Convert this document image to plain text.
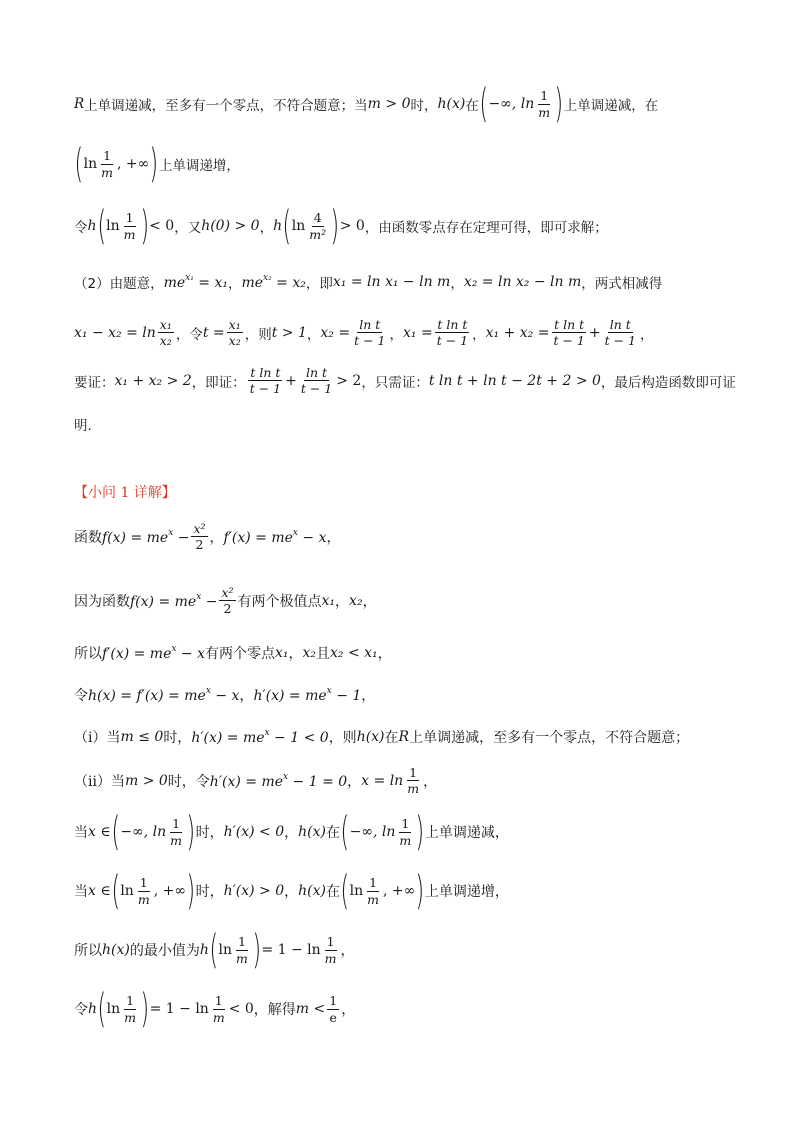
R 上单调递减，至多有一个零点，不符合题意；当 m > 0 时， h(x) 在 ( −∞, $\ln \frac{1}{m}$ ) 上单调递减，在
( $\ln \frac{1}{m}$ , +∞ ) 上单调递增，
令 h ( $\ln \frac{1}{m}$ ) < 0 ，又 h(0) > 0 ， h ( $\ln \frac{4}{\text{m²}}$ ) > 0 ，由函数零点存在定理可得，即可求解；
（2）由题意， $me^{x_1} = x_1$ ， $me^{x_2} = x_2$ ，即 x₁ = ln x₁ − ln m ， x₂ = ln x₂ − ln m ，两式相减得
$x_1 - x_2 = \ln \frac{\text{x₁}}{\text{x₂}}$ ，令 $t = \frac{\text{x₁}}{\text{x₂}}$ ，则 t > 1 ， $x_2 = \frac{\text{ln t}}{t - 1}$ ， $x_1 = \frac{\text{t ln t}}{t - 1}$ ， $x_1 + x_2 = \frac{\text{t ln t}}{t - 1} + \frac{\text{ln t}}{t - 1}$ ，
要证： x₁ + x₂ > 2 ，即证： $\frac{\text{t ln t}}{t - 1} + \frac{\text{ln t}}{t - 1} > 2$ ，只需证： t ln t + ln t − 2t + 2 > 0 ，最后构造函数即可证
明.
【小问 1 详解】
函数 $f(x) = me^x - \frac{\text{x²}}{2}$ ， $f'(x) = me^x - x$ ，
因为函数 $f(x) = me^x - \frac{\text{x²}}{2}$ 有两个极值点 x₁ ， x₂ ，
所以 $f'(x) = me^x - x$ 有两个零点 x₁ ， x₂ 且 x₂ < x₁ ，
令 $h(x) = f'(x) = me^x - x$ ， $h'(x) = me^x - 1$ ，
（i）当 m ≤ 0 时， $h'(x) = me^x - 1 < 0$ ，则 h(x) 在 R 上单调递减，至多有一个零点，不符合题意；
（ii）当 m > 0 时，令 $h'(x) = me^x - 1 = 0$ ， $x = \ln \frac{1}{m}$ ，
当 x ∈ ( −∞, $\ln \frac{1}{m}$ ) 时， h′(x) < 0 ， h(x) 在 ( −∞, $\ln \frac{1}{m}$ ) 上单调递减，
当 x ∈ ( $\ln \frac{1}{m}$ , +∞ ) 时， h′(x) > 0 ， h(x) 在 ( $\ln \frac{1}{m}$ , +∞ ) 上单调递增，
所以 h(x) 的最小值为 h ( $\ln \frac{1}{m}$ ) = $1 - \ln \frac{1}{m}$ ，
令 h ( $\ln \frac{1}{m}$ ) = $1 - \ln \frac{1}{m} < 0$ ，解得 $m < \frac{1}{e}$ ，
